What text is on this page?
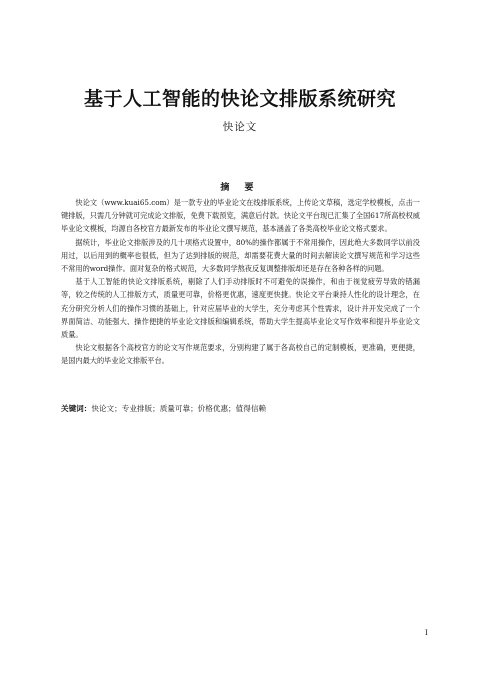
基于人工智能的快论文排版系统研究
快论文
摘 要

快论文（www.kuai65.com）是一款专业的毕业论文在线排版系统，上传论文草稿，选定学校模板，点击一键排版，只需几分钟就可完成论文排版，免费下载预览，满意后付款。快论文平台现已汇集了全国617所高校权威毕业论文模板，均源自各校官方最新发布的毕业论文撰写规范，基本涵盖了各类高校毕业论文格式要求。

据统计，毕业论文排版涉及的几十项格式设置中，80%的操作都属于不常用操作，因此绝大多数同学以前没用过，以后用到的概率也很低，但为了达到排版的规范，却需要花费大量的时间去解读论文撰写规范和学习这些不常用的word操作。面对复杂的格式规范，大多数同学熬夜反复调整排版却还是存在各种各样的问题。

基于人工智能的快论文排版系统，剔除了人们手动排版时不可避免的误操作，和由于视觉疲劳导致的错漏等，较之传统的人工排版方式，质量更可靠，价格更优惠，速度更快捷。快论文平台秉持人性化的设计理念，在充分研究分析人们的操作习惯的基础上，针对应届毕业的大学生，充分考虑其个性需求，设计并开发完成了一个界面简洁、功能强大、操作便捷的毕业论文排版和编辑系统，帮助大学生提高毕业论文写作效率和提升毕业论文质量。

快论文根据各个高校官方的论文写作规范要求，分别构建了属于各高校自己的定制模板，更准确，更便捷，是国内最大的毕业论文排版平台。

关键词：快论文；专业排版；质量可靠；价格优惠；值得信赖
I
